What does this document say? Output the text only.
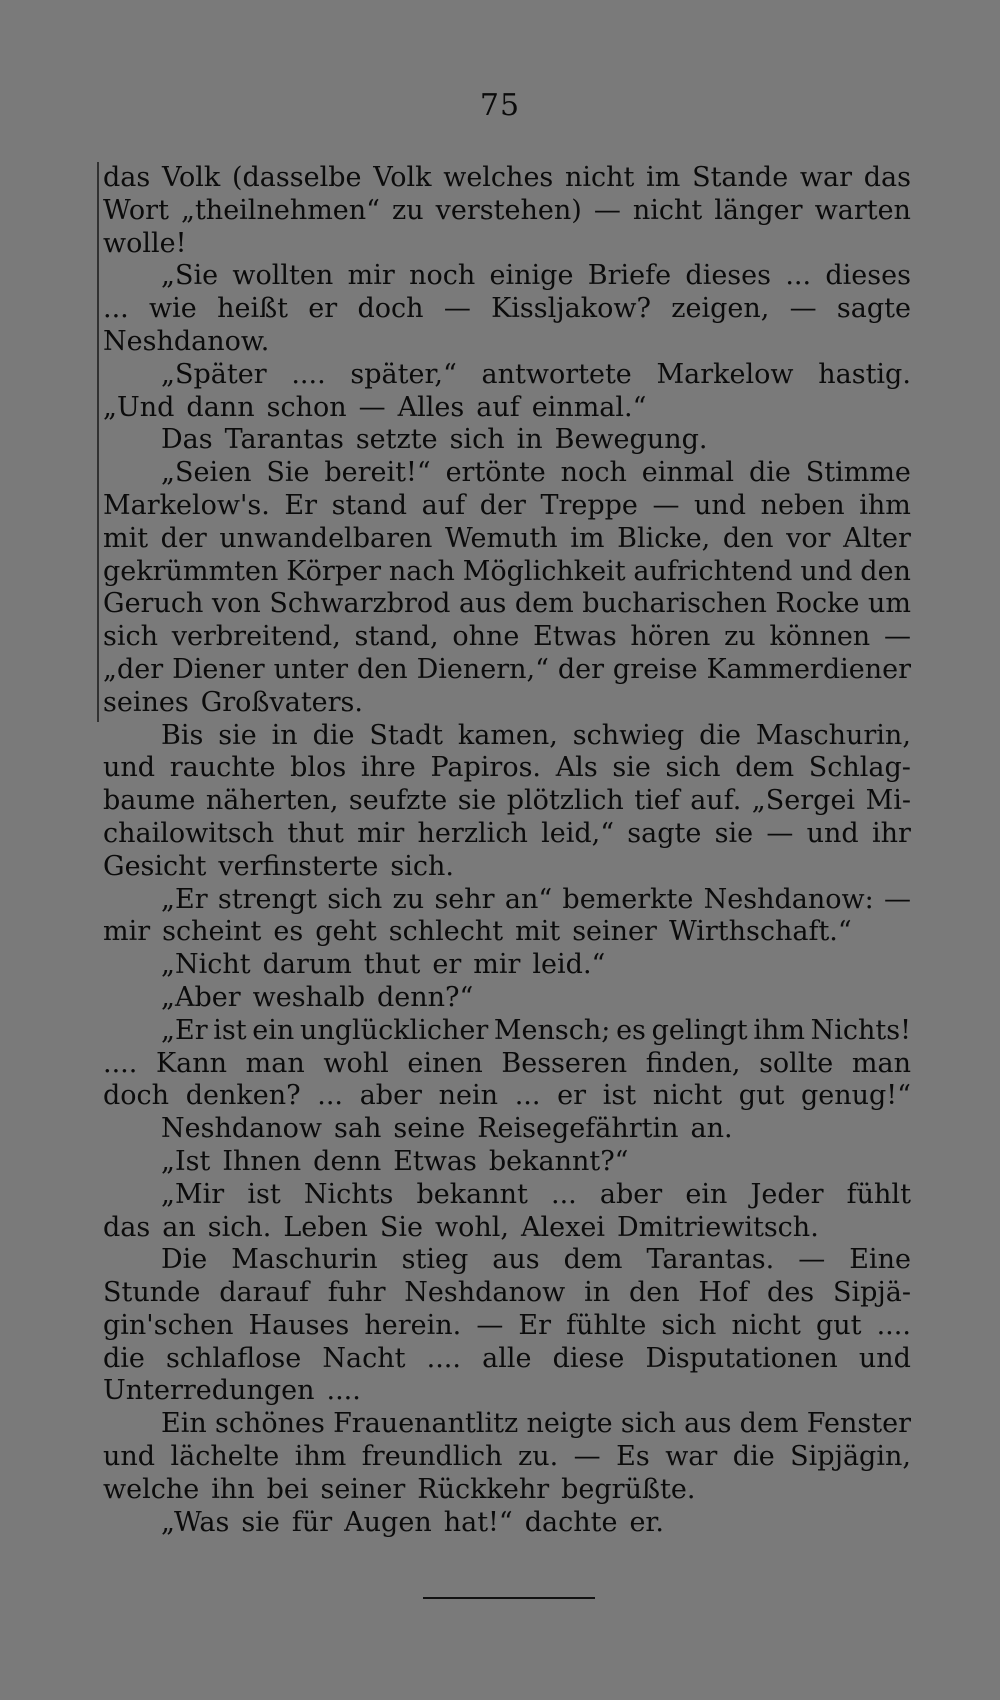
75
das Volk (dasselbe Volk welches nicht im Stande war das
Wort „theilnehmen“ zu verstehen) — nicht länger warten
wolle!
„Sie wollten mir noch einige Briefe dieses ... dieses
... wie heißt er doch — Kissljakow? zeigen, — sagte
Neshdanow.
„Später .... später,“ antwortete Markelow hastig.
„Und dann schon — Alles auf einmal.“
Das Tarantas setzte sich in Bewegung.
„Seien Sie bereit!“ ertönte noch einmal die Stimme
Markelow's. Er stand auf der Treppe — und neben ihm
mit der unwandelbaren Wemuth im Blicke, den vor Alter
gekrümmten Körper nach Möglichkeit aufrichtend und den
Geruch von Schwarzbrod aus dem bucharischen Rocke um
sich verbreitend, stand, ohne Etwas hören zu können —
„der Diener unter den Dienern,“ der greise Kammerdiener
seines Großvaters.
Bis sie in die Stadt kamen, schwieg die Maschurin,
und rauchte blos ihre Papiros. Als sie sich dem Schlag-
baume näherten, seufzte sie plötzlich tief auf. „Sergei Mi-
chailowitsch thut mir herzlich leid,“ sagte sie — und ihr
Gesicht verfinsterte sich.
„Er strengt sich zu sehr an“ bemerkte Neshdanow: —
mir scheint es geht schlecht mit seiner Wirthschaft.“
„Nicht darum thut er mir leid.“
„Aber weshalb denn?“
„Er ist ein unglücklicher Mensch; es gelingt ihm Nichts!
.... Kann man wohl einen Besseren finden, sollte man
doch denken? ... aber nein ... er ist nicht gut genug!“
Neshdanow sah seine Reisegefährtin an.
„Ist Ihnen denn Etwas bekannt?“
„Mir ist Nichts bekannt ... aber ein Jeder fühlt
das an sich. Leben Sie wohl, Alexei Dmitriewitsch.
Die Maschurin stieg aus dem Tarantas. — Eine
Stunde darauf fuhr Neshdanow in den Hof des Sipjä-
gin'schen Hauses herein. — Er fühlte sich nicht gut ....
die schlaflose Nacht .... alle diese Disputationen und
Unterredungen ....
Ein schönes Frauenantlitz neigte sich aus dem Fenster
und lächelte ihm freundlich zu. — Es war die Sipjägin,
welche ihn bei seiner Rückkehr begrüßte.
„Was sie für Augen hat!“ dachte er.
